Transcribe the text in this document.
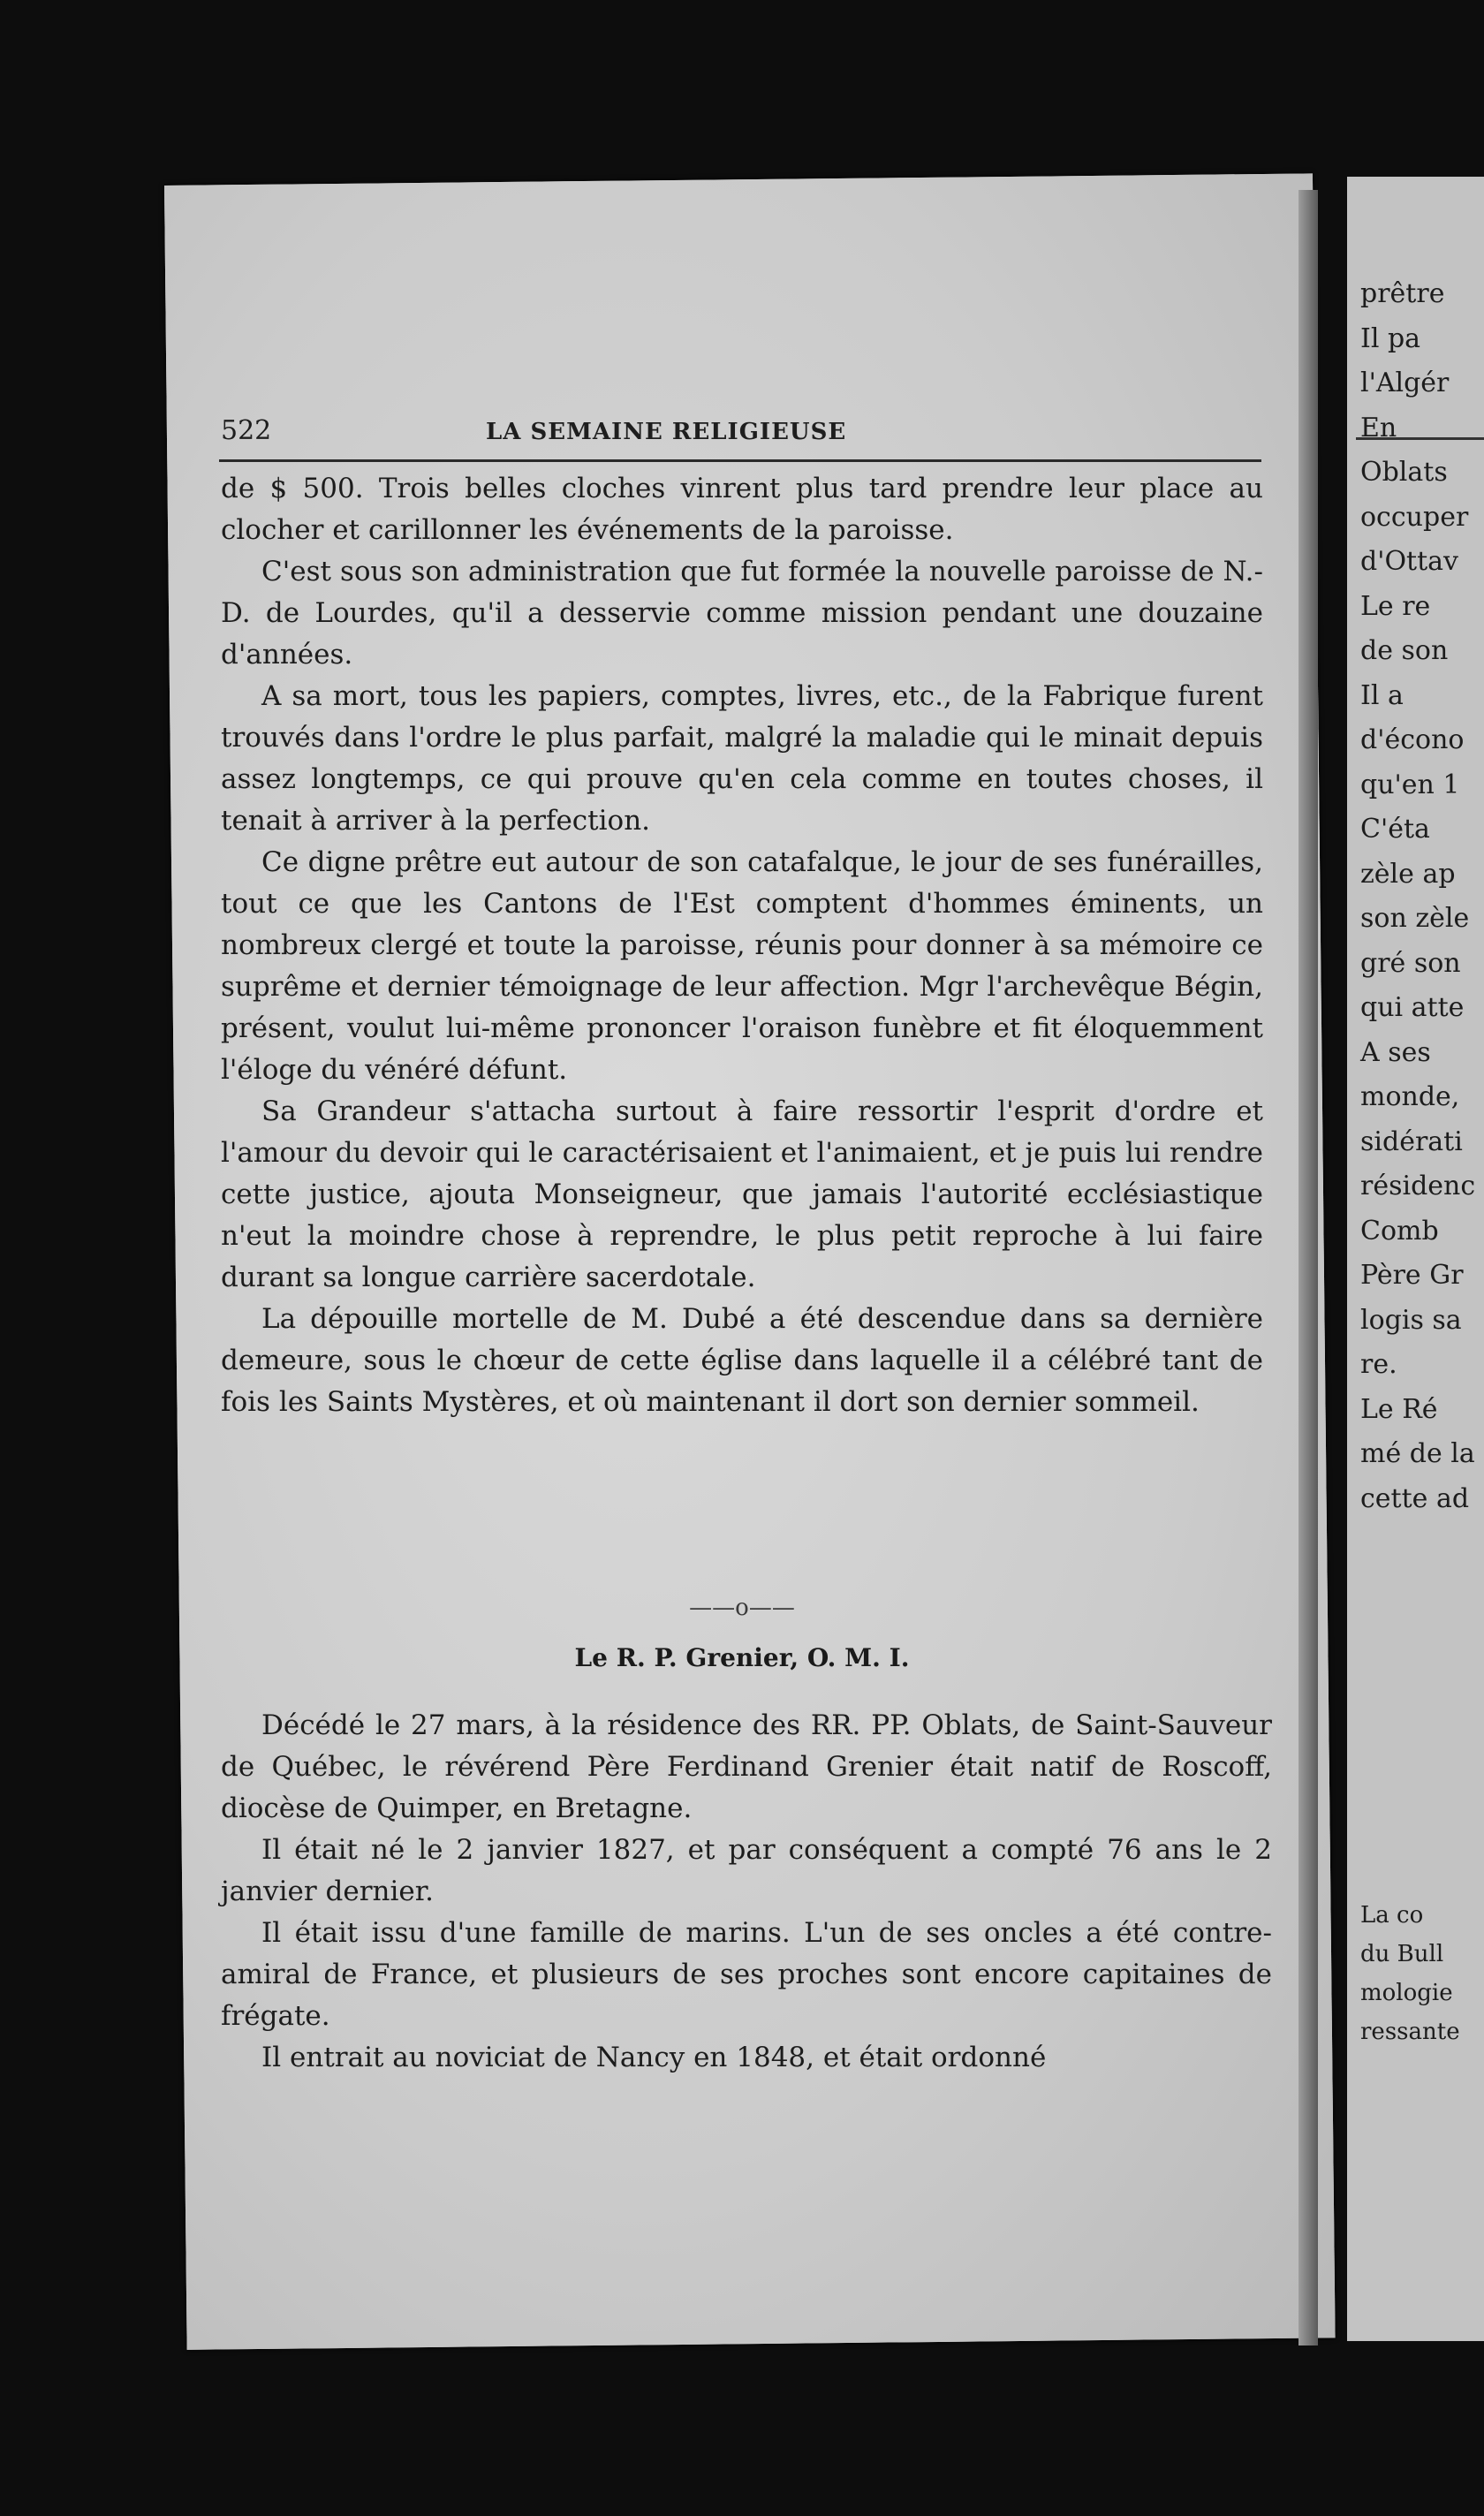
522	LA SEMAINE RELIGIEUSE

de $ 500. Trois belles cloches vinrent plus tard prendre leur place au clocher et carillonner les événements de la paroisse.

C'est sous son administration que fut formée la nouvelle paroisse de N.-D. de Lourdes, qu'il a desservie comme mission pendant une douzaine d'années.

A sa mort, tous les papiers, comptes, livres, etc., de la Fabrique furent trouvés dans l'ordre le plus parfait, malgré la maladie qui le minait depuis assez longtemps, ce qui prouve qu'en cela comme en toutes choses, il tenait à arriver à la perfection.

Ce digne prêtre eut autour de son catafalque, le jour de ses funérailles, tout ce que les Cantons de l'Est comptent d'hommes éminents, un nombreux clergé et toute la paroisse, réunis pour donner à sa mémoire ce suprême et dernier témoignage de leur affection. Mgr l'archevêque Bégin, présent, voulut lui-même prononcer l'oraison funèbre et fit éloquemment l'éloge du vénéré défunt.

Sa Grandeur s'attacha surtout à faire ressortir l'esprit d'ordre et l'amour du devoir qui le caractérisaient et l'animaient, et je puis lui rendre cette justice, ajouta Monseigneur, que jamais l'autorité ecclésiastique n'eut la moindre chose à reprendre, le plus petit reproche à lui faire durant sa longue carrière sacerdotale.

La dépouille mortelle de M. Dubé a été descendue dans sa dernière demeure, sous le chœur de cette église dans laquelle il a célébré tant de fois les Saints Mystères, et où maintenant il dort son dernier sommeil.

——o——
Le R. P. Grenier, O. M. I.

Décédé le 27 mars, à la résidence des RR. PP. Oblats, de Saint-Sauveur de Québec, le révérend Père Ferdinand Grenier était natif de Roscoff, diocèse de Quimper, en Bretagne.

Il était né le 2 janvier 1827, et par conséquent a compté 76 ans le 2 janvier dernier.

Il était issu d'une famille de marins. L'un de ses oncles a été contre-amiral de France, et plusieurs de ses proches sont encore capitaines de frégate.

Il entrait au noviciat de Nancy en 1848, et était ordonné

prêtre
Il pa
l'Algér
En
Oblats
occuper
d'Ottav
Le re
de son
Il a
d'écono
qu'en 1
C'éta
zèle ap
son zèle
gré son
qui atte
A ses
monde,
sidérati
résidenc
Comb
Père Gr
logis sa
re.
Le Ré
mé de la
cette ad
La co
du Bull
mologie
ressante
